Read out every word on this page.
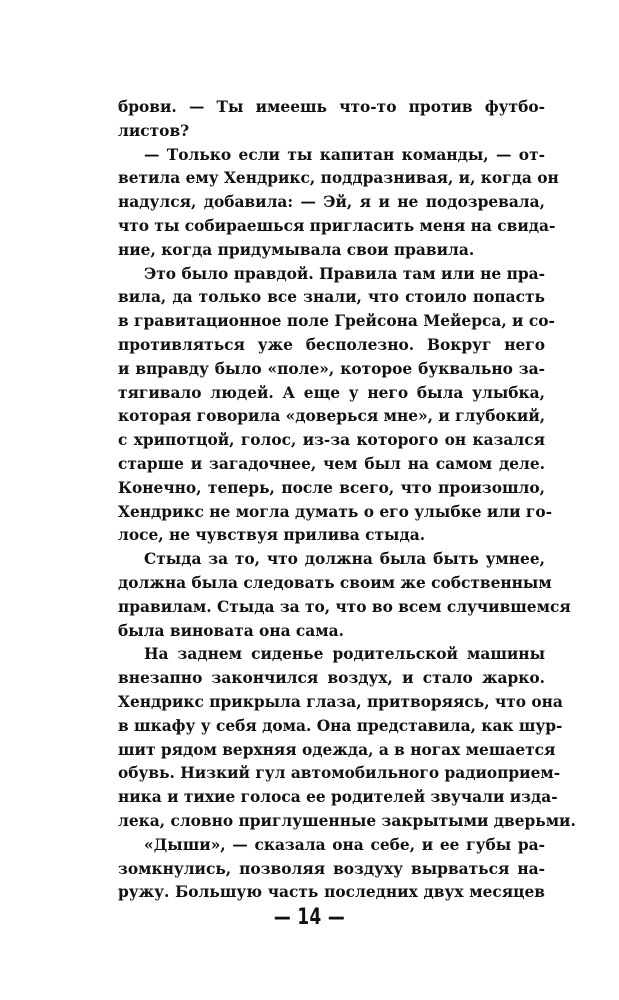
брови. — Ты имеешь что-то против футбо-
листов?
— Только если ты капитан команды, — от-
ветила ему Хендрикс, поддразнивая, и, когда он
надулся, добавила: — Эй, я и не подозревала,
что ты собираешься пригласить меня на свида-
ние, когда придумывала свои правила.
Это было правдой. Правила там или не пра-
вила, да только все знали, что стоило попасть
в гравитационное поле Грейсона Мейерса, и со-
противляться уже бесполезно. Вокруг него
и вправду было «поле», которое буквально за-
тягивало людей. А еще у него была улыбка,
которая говорила «доверься мне», и глубокий,
с хрипотцой, голос, из-за которого он казался
старше и загадочнее, чем был на самом деле.
Конечно, теперь, после всего, что произошло,
Хендрикс не могла думать о его улыбке или го-
лосе, не чувствуя прилива стыда.
Стыда за то, что должна была быть умнее,
должна была следовать своим же собственным
правилам. Стыда за то, что во всем случившемся
была виновата она сама.
На заднем сиденье родительской машины
внезапно закончился воздух, и стало жарко.
Хендрикс прикрыла глаза, притворяясь, что она
в шкафу у себя дома. Она представила, как шур-
шит рядом верхняя одежда, а в ногах мешается
обувь. Низкий гул автомобильного радиоприем-
ника и тихие голоса ее родителей звучали изда-
лека, словно приглушенные закрытыми дверьми.
«Дыши», — сказала она себе, и ее губы ра-
зомкнулись, позволяя воздуху вырваться на-
ружу. Большую часть последних двух месяцев
— 14 —
